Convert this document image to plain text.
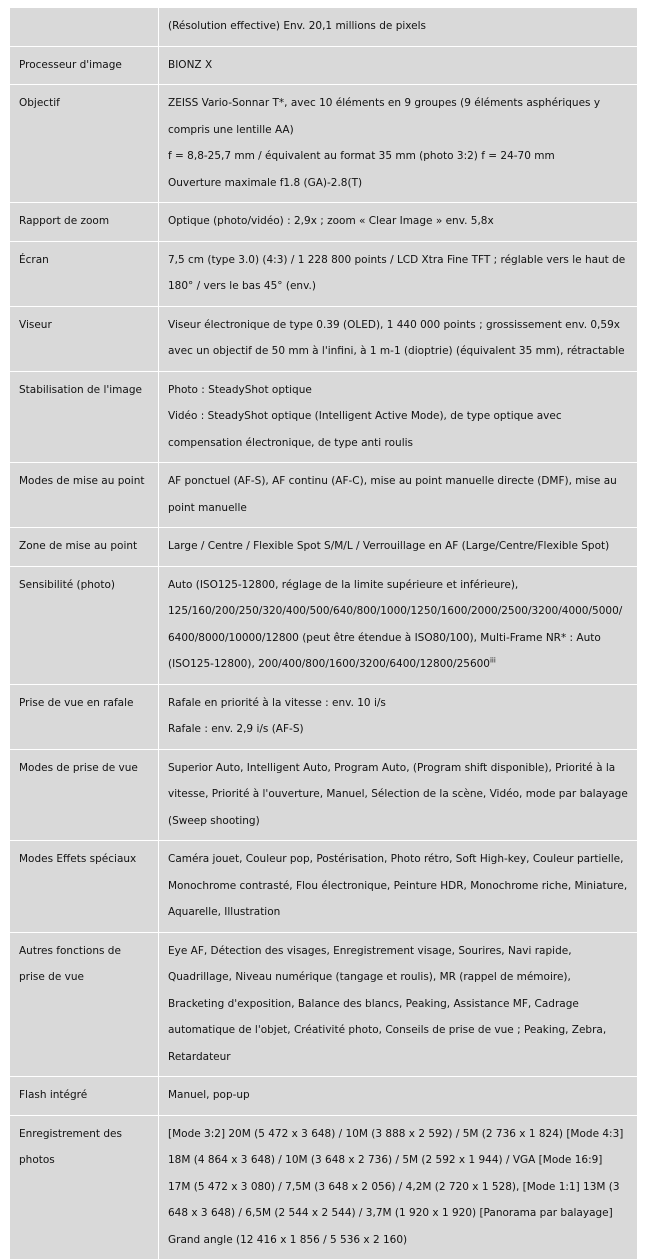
	(Résolution effective) Env. 20,1 millions de pixels

Processeur d'image	BIONZ X

Objectif	ZEISS Vario-Sonnar T*, avec 10 éléments en 9 groupes (9 éléments asphériques y compris une lentille AA)
f = 8,8-25,7 mm / équivalent au format 35 mm (photo 3:2) f = 24-70 mm
Ouverture maximale f1.8 (GA)-2.8(T)

Rapport de zoom	Optique (photo/vidéo) : 2,9x ; zoom « Clear Image » env. 5,8x

Écran	7,5 cm (type 3.0) (4:3) / 1 228 800 points / LCD Xtra Fine TFT ; réglable vers le haut de 180° / vers le bas 45° (env.)

Viseur	Viseur électronique de type 0.39 (OLED), 1 440 000 points ; grossissement env. 0,59x avec un objectif de 50 mm à l'infini, à 1 m-1 (dioptrie) (équivalent 35 mm), rétractable

Stabilisation de l'image	Photo : SteadyShot optique
Vidéo : SteadyShot optique (Intelligent Active Mode), de type optique avec compensation électronique, de type anti roulis

Modes de mise au point	AF ponctuel (AF-S), AF continu (AF-C), mise au point manuelle directe (DMF), mise au point manuelle

Zone de mise au point	Large / Centre / Flexible Spot S/M/L / Verrouillage en AF (Large/Centre/Flexible Spot)

Sensibilité (photo)	Auto (ISO125-12800, réglage de la limite supérieure et inférieure), 125/160/200/250/320/400/500/640/800/1000/1250/1600/2000/2500/3200/4000/5000/6400/8000/10000/12800 (peut être étendue à ISO80/100), Multi-Frame NR* : Auto (ISO125-12800), 200/400/800/1600/3200/6400/12800/25600$^{iii}$

Prise de vue en rafale	Rafale en priorité à la vitesse : env. 10 i/s
Rafale : env. 2,9 i/s (AF-S)

Modes de prise de vue	Superior Auto, Intelligent Auto, Program Auto, (Program shift disponible), Priorité à la vitesse, Priorité à l'ouverture, Manuel, Sélection de la scène, Vidéo, mode par balayage (Sweep shooting)

Modes Effets spéciaux	Caméra jouet, Couleur pop, Postérisation, Photo rétro, Soft High-key, Couleur partielle, Monochrome contrasté, Flou électronique, Peinture HDR, Monochrome riche, Miniature, Aquarelle, Illustration

Autres fonctions de prise de vue	Eye AF, Détection des visages, Enregistrement visage, Sourires, Navi rapide, Quadrillage, Niveau numérique (tangage et roulis), MR (rappel de mémoire), Bracketing d'exposition, Balance des blancs, Peaking, Assistance MF, Cadrage automatique de l'objet, Créativité photo, Conseils de prise de vue ; Peaking, Zebra, Retardateur

Flash intégré	Manuel, pop-up

Enregistrement des photos	[Mode 3:2] 20M (5 472 x 3 648) / 10M (3 888 x 2 592) / 5M (2 736 x 1 824) [Mode 4:3] 18M (4 864 x 3 648) / 10M (3 648 x 2 736) / 5M (2 592 x 1 944) / VGA [Mode 16:9] 17M (5 472 x 3 080) / 7,5M (3 648 x 2 056) / 4,2M (2 720 x 1 528), [Mode 1:1] 13M (3 648 x 3 648) / 6,5M (2 544 x 2 544) / 3,7M (1 920 x 1 920) [Panorama par balayage] Grand angle (12 416 x 1 856 / 5 536 x 2 160)
